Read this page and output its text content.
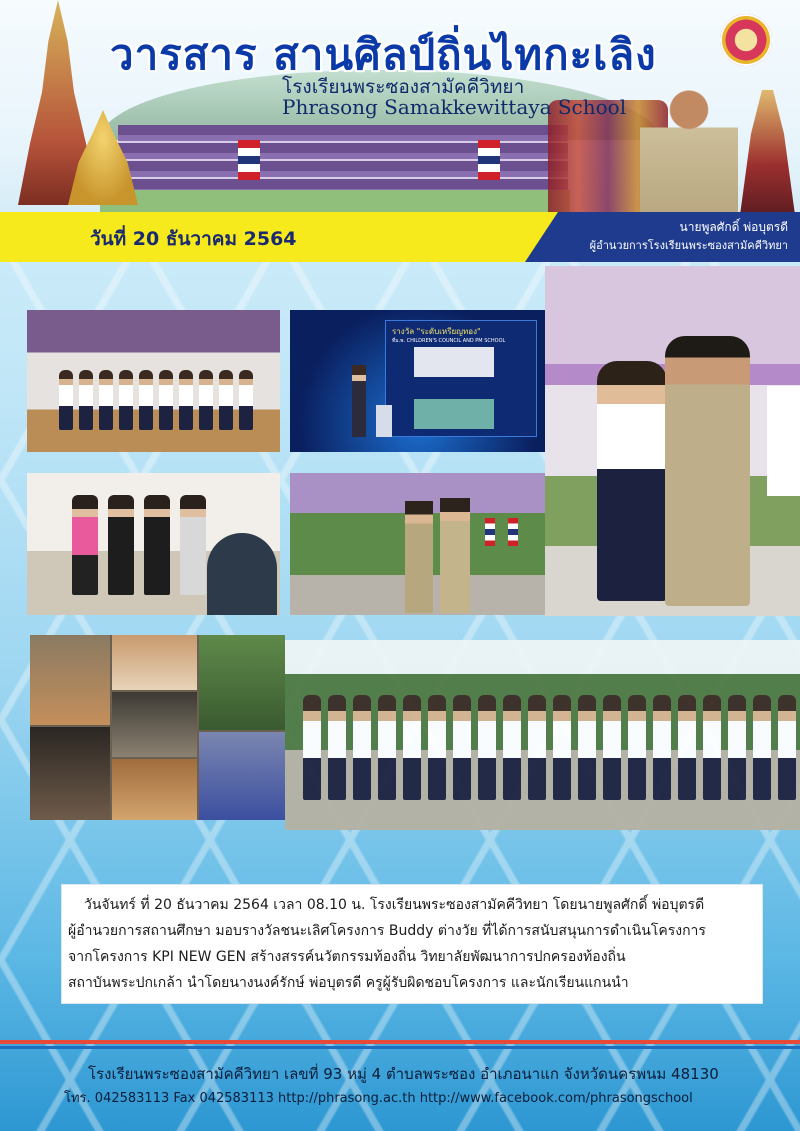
วารสาร สานศิลป์ถิ่นไทกะเลิง

โรงเรียนพระซองสามัคคีวิทยา

Phrasong Samakkewittaya School

วันที่ 20 ธันวาคม 2564
นายพูลศักดิ์ พ่อบุตรดี
ผู้อำนวยการโรงเรียนพระซองสามัคคีวิทยา
รางวัล "ระดับเหรียญทอง"
ที่ม.พ. CHILDREN'S COUNCIL AND PM SCHOOL

วันจันทร์ ที่ 20 ธันวาคม 2564 เวลา 08.10 น. โรงเรียนพระซองสามัคคีวิทยา โดยนายพูลศักดิ์ พ่อบุตรดี

ผู้อำนวยการสถานศึกษา มอบรางวัลชนะเลิศโครงการ Buddy ต่างวัย ที่ได้การสนับสนุนการดำเนินโครงการ

จากโครงการ KPI NEW GEN สร้างสรรค์นวัตกรรมท้องถิ่น วิทยาลัยพัฒนาการปกครองท้องถิ่น

สถาบันพระปกเกล้า นำโดยนางนงค์รักษ์ พ่อบุตรดี ครูผู้รับผิดชอบโครงการ และนักเรียนแกนนำ

โรงเรียนพระซองสามัคคีวิทยา เลขที่ 93 หมู่ 4 ตำบลพระซอง อำเภอนาแก จังหวัดนครพนม 48130

โทร. 042583113 Fax 042583113 http://phrasong.ac.th http://www.facebook.com/phrasongschool
